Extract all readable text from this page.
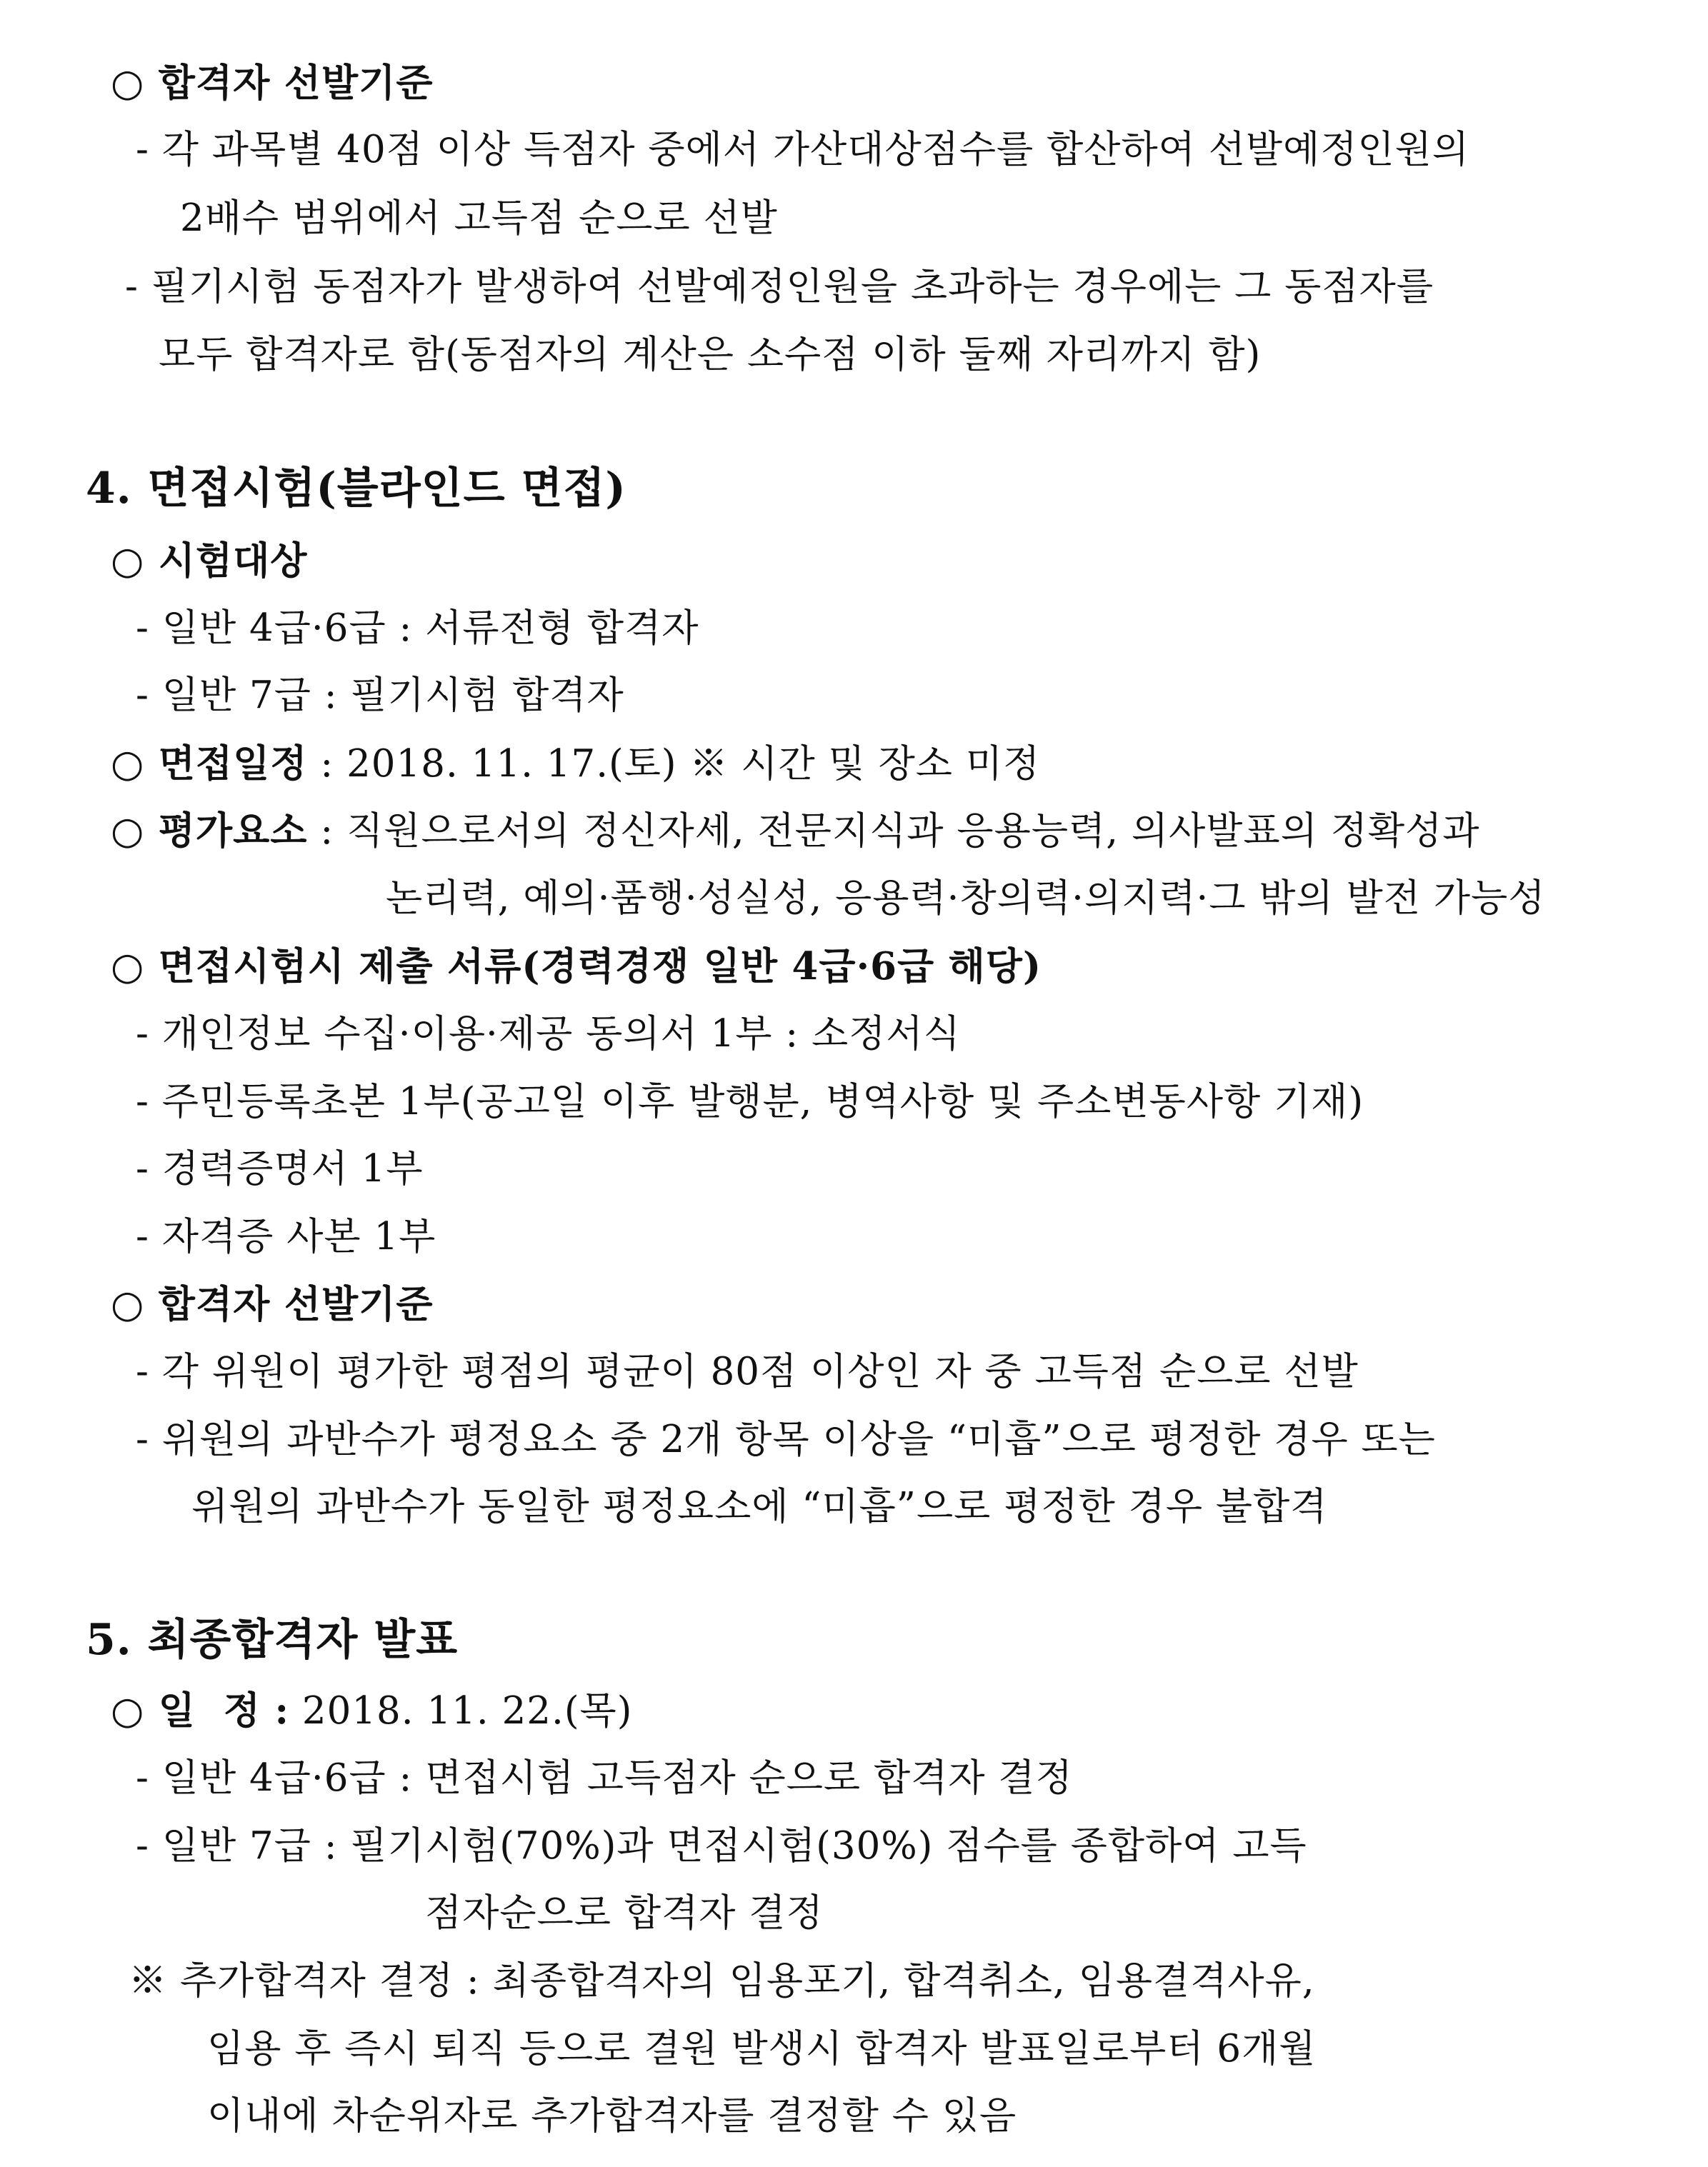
○ 합격자 선발기준
- 각 과목별 40점 이상 득점자 중에서 가산대상점수를 합산하여 선발예정인원의
2배수 범위에서 고득점 순으로 선발
- 필기시험 동점자가 발생하여 선발예정인원을 초과하는 경우에는 그 동점자를
모두 합격자로 함(동점자의 계산은 소수점 이하 둘째 자리까지 함)
4. 면접시험(블라인드 면접)
○ 시험대상
- 일반 4급·6급 : 서류전형 합격자
- 일반 7급 : 필기시험 합격자
○ 면접일정 : 2018. 11. 17.(토) ※ 시간 및 장소 미정
○ 평가요소 : 직원으로서의 정신자세, 전문지식과 응용능력, 의사발표의 정확성과
논리력, 예의·품행·성실성, 응용력·창의력·의지력·그 밖의 발전 가능성
○ 면접시험시 제출 서류(경력경쟁 일반 4급·6급 해당)
- 개인정보 수집·이용·제공 동의서 1부 : 소정서식
- 주민등록초본 1부(공고일 이후 발행분, 병역사항 및 주소변동사항 기재)
- 경력증명서 1부
- 자격증 사본 1부
○ 합격자 선발기준
- 각 위원이 평가한 평점의 평균이 80점 이상인 자 중 고득점 순으로 선발
- 위원의 과반수가 평정요소 중 2개 항목 이상을 “미흡”으로 평정한 경우 또는
위원의 과반수가 동일한 평정요소에 “미흡”으로 평정한 경우 불합격
5. 최종합격자 발표
○ 일  정 : 2018. 11. 22.(목)
- 일반 4급·6급 : 면접시험 고득점자 순으로 합격자 결정
- 일반 7급 : 필기시험(70%)과 면접시험(30%) 점수를 종합하여 고득
점자순으로 합격자 결정
※ 추가합격자 결정 : 최종합격자의 임용포기, 합격취소, 임용결격사유,
임용 후 즉시 퇴직 등으로 결원 발생시 합격자 발표일로부터 6개월
이내에 차순위자로 추가합격자를 결정할 수 있음
